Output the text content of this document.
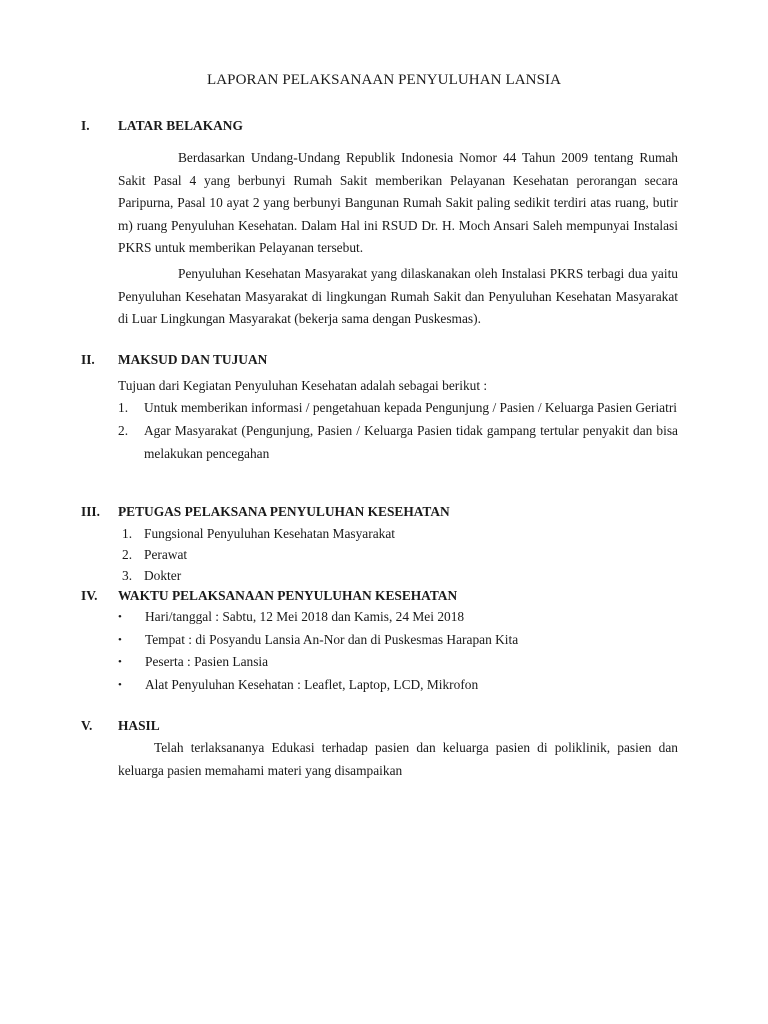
LAPORAN PELAKSANAAN PENYULUHAN LANSIA
I. LATAR BELAKANG
Berdasarkan Undang-Undang Republik Indonesia Nomor 44 Tahun 2009 tentang Rumah Sakit Pasal 4 yang berbunyi Rumah Sakit memberikan Pelayanan Kesehatan perorangan secara Paripurna, Pasal 10 ayat 2 yang berbunyi Bangunan Rumah Sakit paling sedikit terdiri atas ruang, butir m) ruang Penyuluhan Kesehatan. Dalam Hal ini RSUD Dr. H. Moch Ansari Saleh mempunyai Instalasi PKRS untuk memberikan Pelayanan tersebut.
Penyuluhan Kesehatan Masyarakat yang dilaskanakan oleh Instalasi PKRS terbagi dua yaitu Penyuluhan Kesehatan Masyarakat di lingkungan Rumah Sakit dan Penyuluhan Kesehatan Masyarakat di Luar Lingkungan Masyarakat (bekerja sama dengan Puskesmas).
II. MAKSUD DAN TUJUAN
Tujuan dari Kegiatan Penyuluhan Kesehatan adalah sebagai berikut :
1. Untuk memberikan informasi / pengetahuan kepada Pengunjung / Pasien / Keluarga Pasien Geriatri
2. Agar Masyarakat (Pengunjung, Pasien / Keluarga Pasien tidak gampang tertular penyakit dan bisa melakukan pencegahan
III. PETUGAS PELAKSANA PENYULUHAN KESEHATAN
1. Fungsional Penyuluhan Kesehatan Masyarakat
2. Perawat
3. Dokter
IV. WAKTU PELAKSANAAN PENYULUHAN KESEHATAN
• Hari/tanggal : Sabtu, 12 Mei 2018 dan Kamis, 24 Mei 2018
• Tempat : di Posyandu Lansia An-Nor dan di Puskesmas Harapan Kita
• Peserta : Pasien Lansia
• Alat Penyuluhan Kesehatan : Leaflet, Laptop, LCD, Mikrofon
V. HASIL
Telah terlaksananya Edukasi terhadap pasien dan keluarga pasien di poliklinik, pasien dan keluarga pasien memahami materi yang disampaikan
